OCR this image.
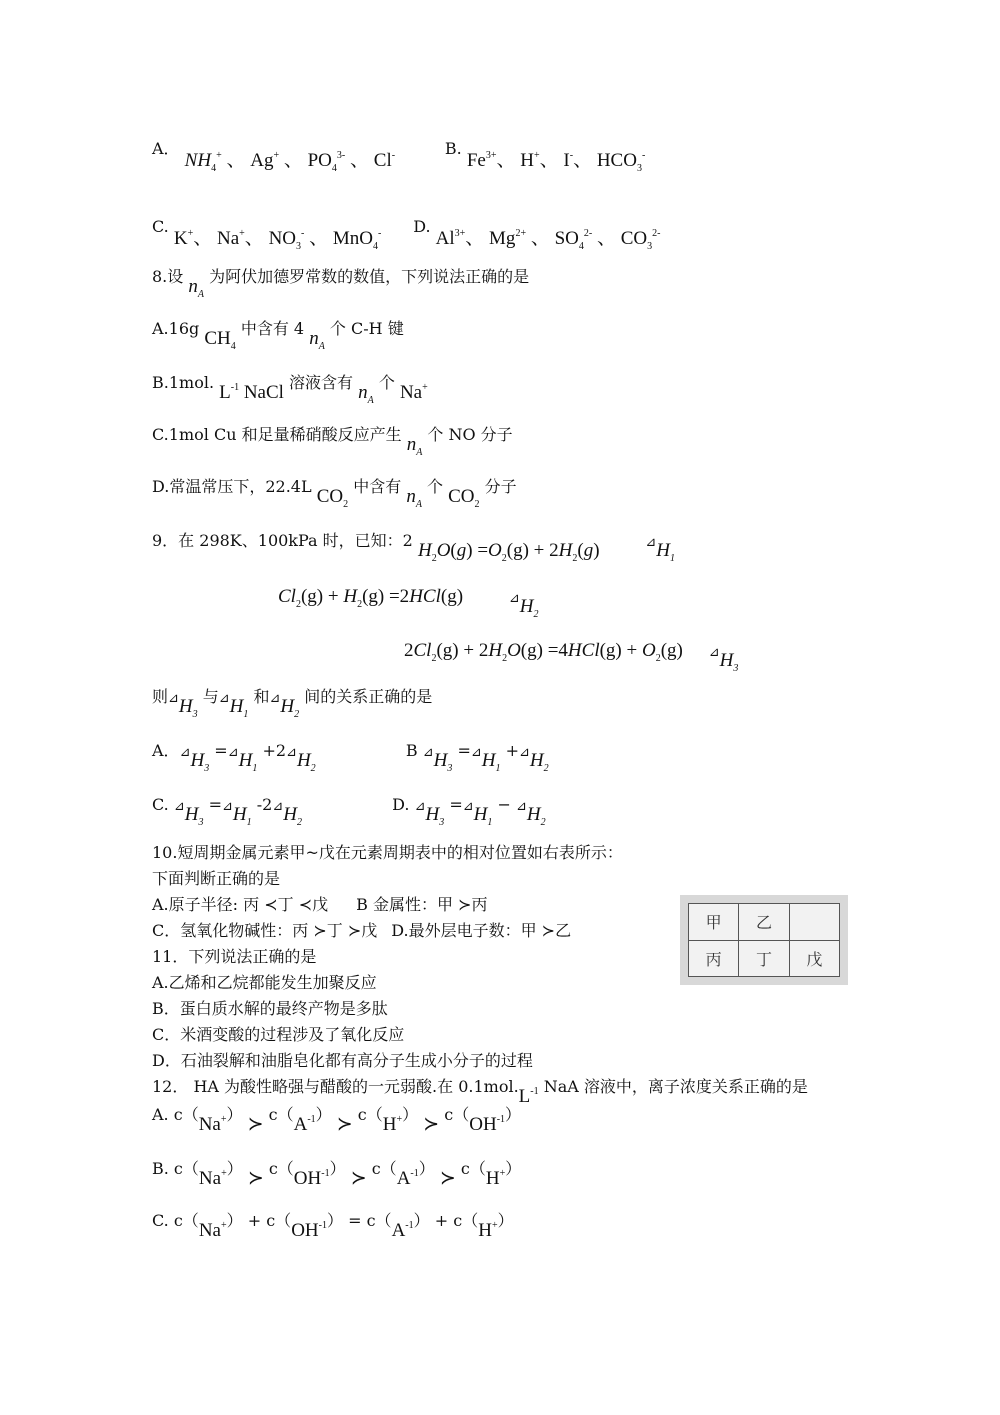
A． $NH_4^+$ 、 Ag+ 、 $PO_4^{3-}$ 、 Cl-	B. $Fe^{3+}$、 H+、 I-、 $HCO_3^-$
C. K+、 Na+、 $NO_3^-$ 、 MnO$_4$- D. $Al^{3+}$、 $Mg^{2+}$ 、 $SO_4^{2-}$ 、 $CO_3^{2-}$
8.设 $n_A$ 为阿伏加德罗常数的数值，下列说法正确的是
A.16g $CH_4$ 中含有 4 $n_A$ 个 C-H 键
B.1mol. $L^{-1}$ NaCl 溶液含有 $n_A$ 个 Na+
C.1mol Cu 和足量稀硝酸反应产生 $n_A$ 个 NO 分子
D.常温常压下，22.4L $CO_2$ 中含有 $n_A$ 个 $CO_2$ 分子
9．在 298K、100kPa 时，已知：2 $H_2O(g) =O_2(g) + 2H_2(g)$	$⊿H_1$
$Cl_2(g) + H_2(g) =2HCl(g)$	$⊿H_2$
$2Cl_2(g) + 2H_2O(g) =4HCl(g) + O_2(g)$  $⊿H_3$
则$⊿H_3$ 与$⊿H_1$ 和$⊿H_2$ 间的关系正确的是
A．$⊿H_3$ $=⊿H_1$ $+2⊿H_2$  B $⊿H_3$ $=⊿H_1$ $+⊿H_2$
C. $⊿H_3$ $=⊿H_1$ $-2⊿H_2$  D. $⊿H_3$ $=⊿H_1$ − $⊿H_2$
10.短周期金属元素甲~戊在元素周期表中的相对位置如右表所示：
下面判断正确的是
A.原子半径: 丙 ≺丁 ≺戊 B 金属性：甲 ≻丙
C．氢氧化物碱性：丙 ≻丁 ≻戊 D.最外层电子数：甲 ≻乙	甲	乙	
丙	丁	戊
11．下列说法正确的是
A.乙烯和乙烷都能发生加聚反应
B．蛋白质水解的最终产物是多肽
C．米酒变酸的过程涉及了氧化反应
D．石油裂解和油脂皂化都有高分子生成小分子的过程
12． HA 为酸性略强与醋酸的一元弱酸.在 $0.1mol.L^{-1}$ NaA 溶液中，离子浓度关系正确的是
A. c（Na+） ≻ $c(A^{-1})$ ≻ c（H+） ≻ $c(OH^{-1})$
B. c（Na+） ≻ $c(OH^{-1})$ ≻ $c(A^{-1})$ ≻ c（H+）
C. $c(Na^+) + c(OH^{-1}) = c(A^{-1}) + c(H^+)$
